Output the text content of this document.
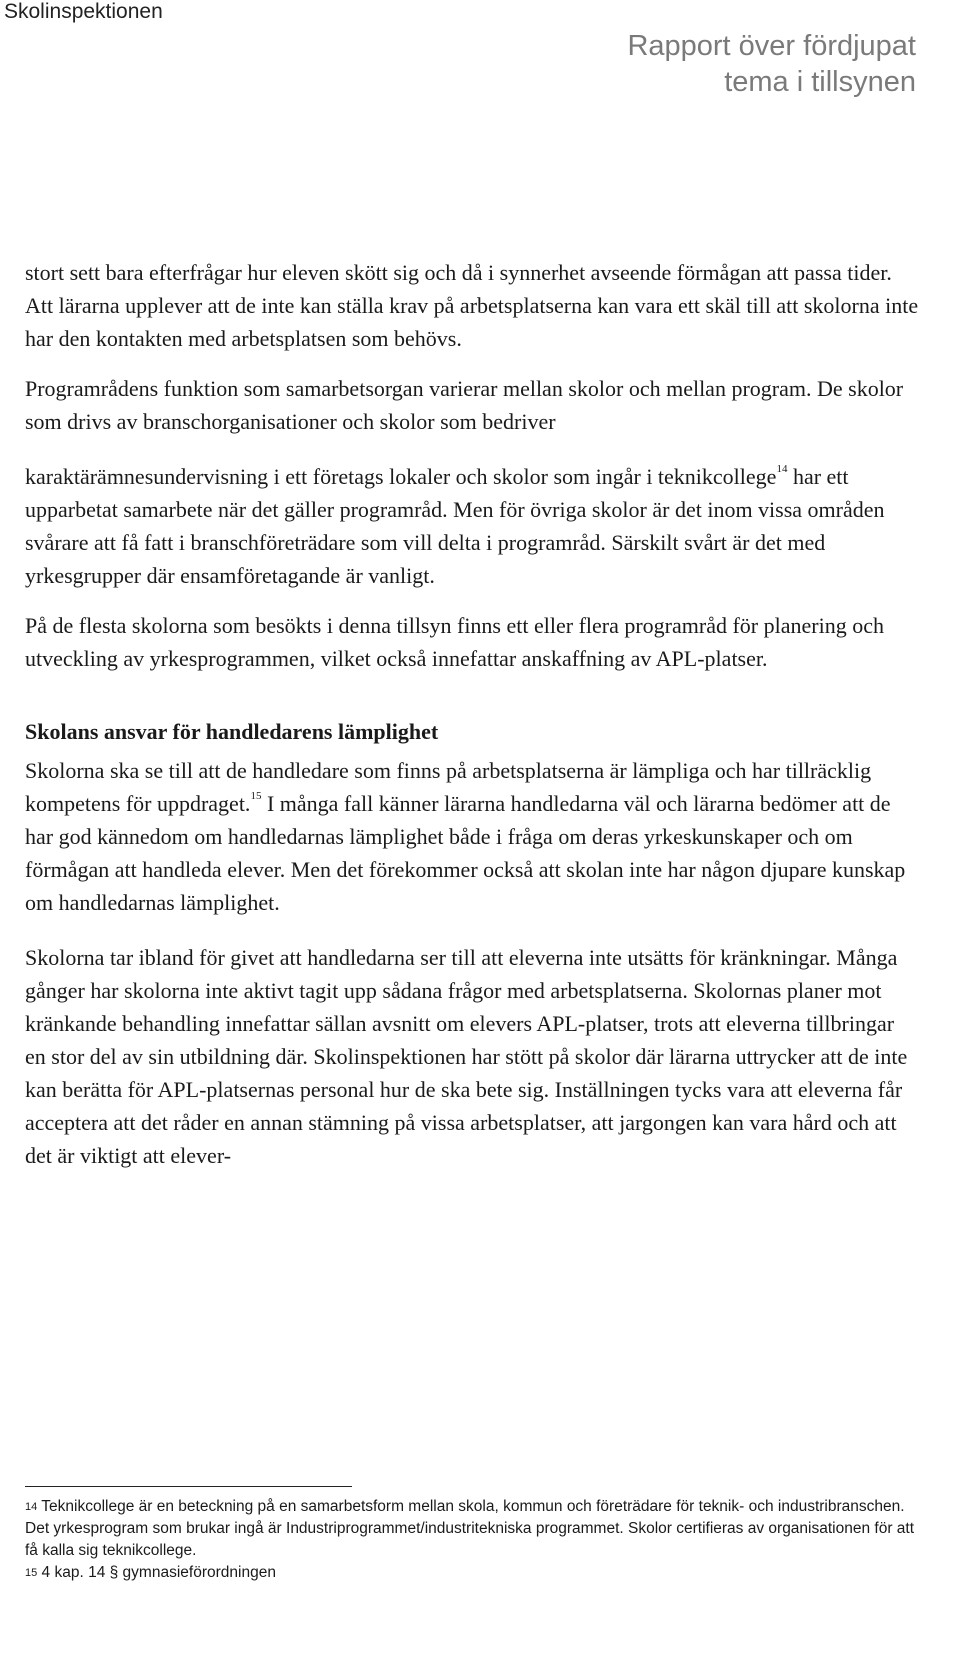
Skolinspektionen
Rapport över fördjupat
tema i tillsynen

stort sett bara efterfrågar hur eleven skött sig och då i synnerhet avseende förmågan att passa tider. Att lärarna upplever att de inte kan ställa krav på arbetsplatserna kan vara ett skäl till att skolorna inte har den kontakten med arbetsplatsen som behövs.

Programrådens funktion som samarbetsorgan varierar mellan skolor och mellan program. De skolor som drivs av branschorganisationer och skolor som bedriver

karaktärämnesundervisning i ett företags lokaler och skolor som ingår i teknikcollege$^{14}$ har ett upparbetat samarbete när det gäller programråd. Men för övriga skolor är det inom vissa områden svårare att få fatt i branschföreträdare som vill delta i programråd. Särskilt svårt är det med yrkesgrupper där ensamföretagande är vanligt.

På de flesta skolorna som besökts i denna tillsyn finns ett eller flera programråd för planering och utveckling av yrkesprogrammen, vilket också innefattar anskaffning av APL-platser.

Skolans ansvar för handledarens lämplighet

Skolorna ska se till att de handledare som finns på arbetsplatserna är lämpliga och har tillräcklig kompetens för uppdraget.$^{15}$ I många fall känner lärarna handledarna väl och lärarna bedömer att de har god kännedom om handledarnas lämplighet både i fråga om deras yrkeskunskaper och om förmågan att handleda elever. Men det förekommer också att skolan inte har någon djupare kunskap om handledarnas lämplighet.

Skolorna tar ibland för givet att handledarna ser till att eleverna inte utsätts för kränkningar. Många gånger har skolorna inte aktivt tagit upp sådana frågor med arbetsplatserna. Skolornas planer mot kränkande behandling innefattar sällan avsnitt om elevers APL-platser, trots att eleverna tillbringar en stor del av sin utbildning där. Skolinspektionen har stött på skolor där lärarna uttrycker att de inte kan berätta för APL-platsernas personal hur de ska bete sig. Inställningen tycks vara att eleverna får acceptera att det råder en annan stämning på vissa arbetsplatser, att jargongen kan vara hård och att det är viktigt att elever-

$^{14}$ Teknikcollege är en beteckning på en samarbetsform mellan skola, kommun och företrädare för teknik- och industribranschen. Det yrkesprogram som brukar ingå är Industriprogrammet/industritekniska programmet. Skolor certifieras av organisationen för att få kalla sig teknikcollege.

$^{15}$ 4 kap. 14 § gymnasieförordningen
